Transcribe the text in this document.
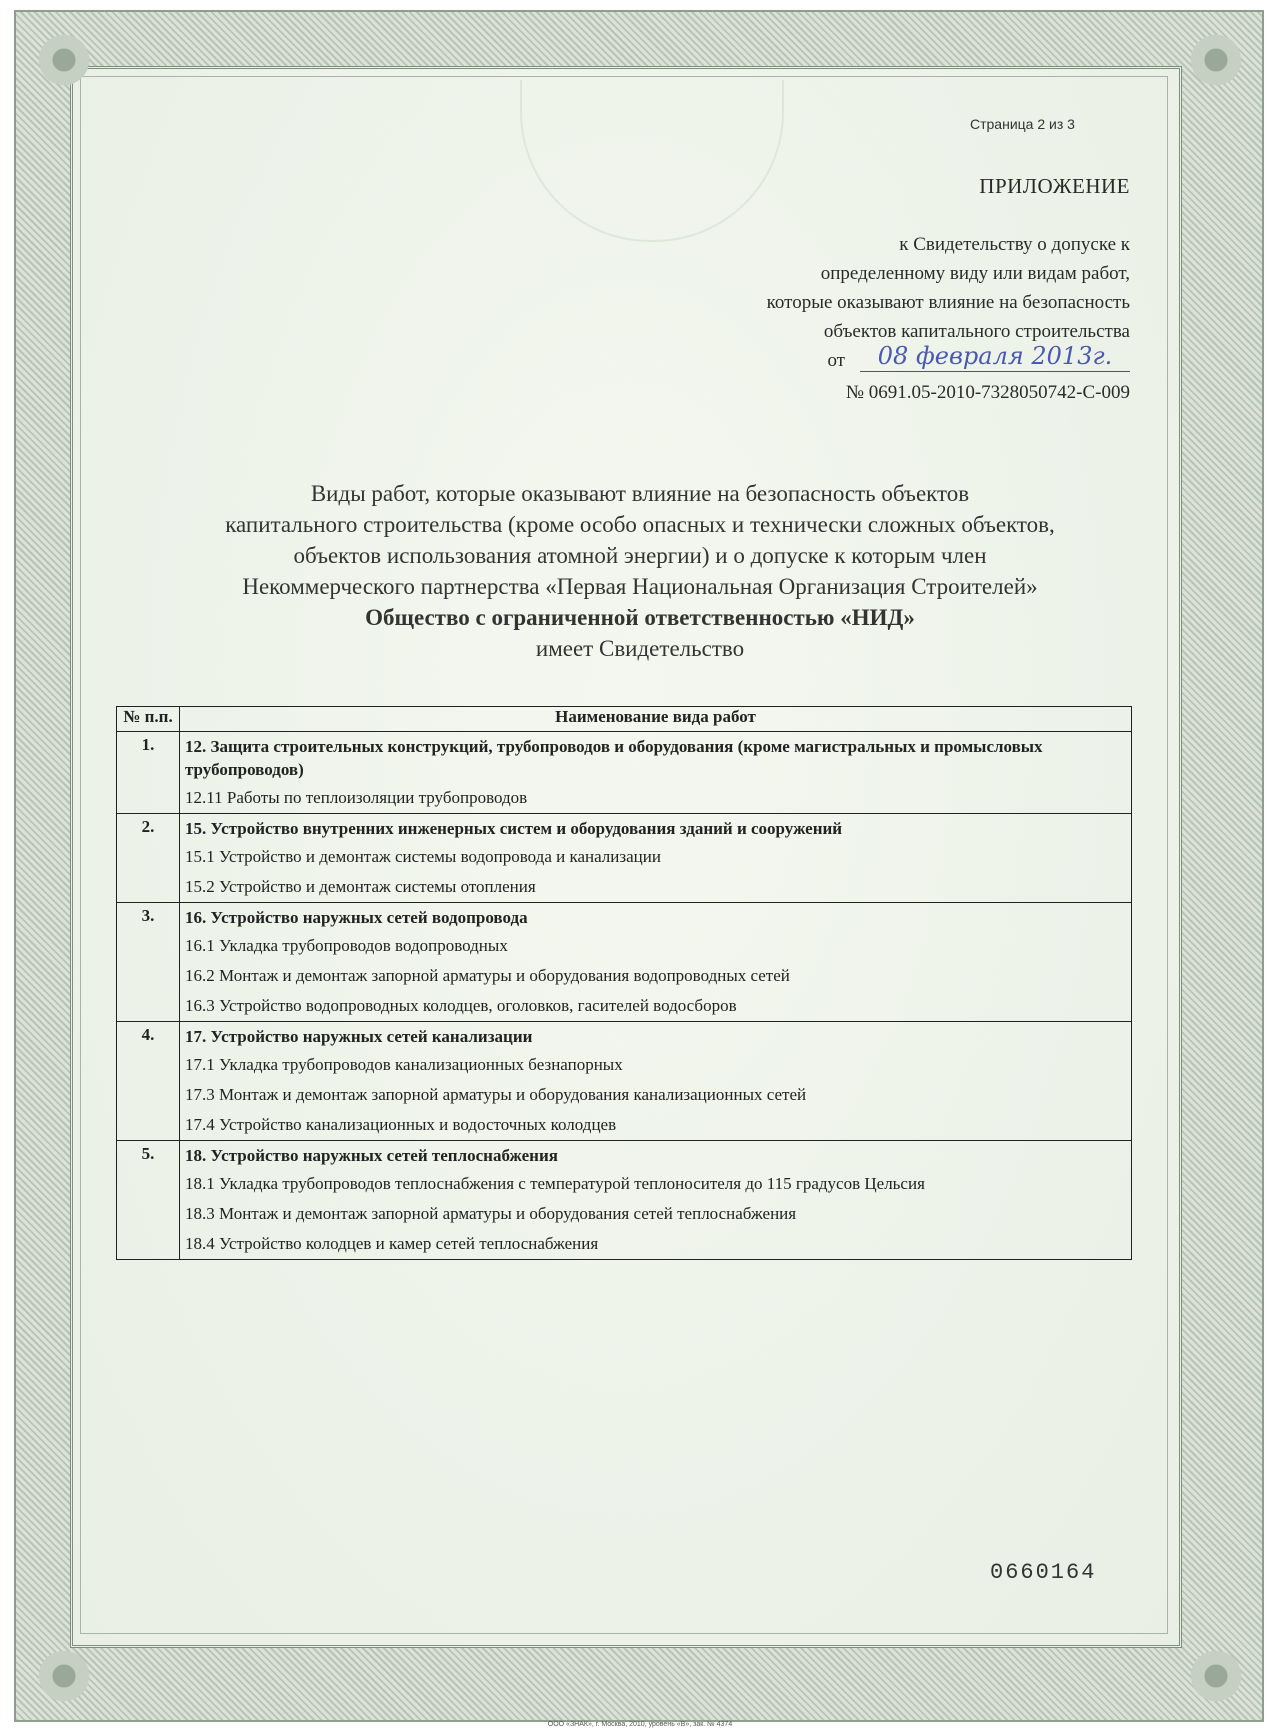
Страница 2 из 3
ПРИЛОЖЕНИЕ
к Свидетельству о допуске к
определенному виду или видам работ,
которые оказывают влияние на безопасность
объектов капитального строительства
от	08 февраля 2013г.
№ 0691.05-2010-7328050742-С-009
Виды работ, которые оказывают влияние на безопасность объектов
капитального строительства (кроме особо опасных и технически сложных объектов,
объектов использования атомной энергии) и о допуске к которым член
Некоммерческого партнерства «Первая Национальная Организация Строителей»
Общество с ограниченной ответственностью «НИД»
имеет Свидетельство
№ п.п.	Наименование вида работ
1.	12. Защита строительных конструкций, трубопроводов и оборудования (кроме магистральных и промысловых трубопроводов)
12.11 Работы по теплоизоляции трубопроводов

2.	15. Устройство внутренних инженерных систем и оборудования зданий и сооружений
15.1 Устройство и демонтаж системы водопровода и канализации
15.2 Устройство и демонтаж системы отопления

3.	16. Устройство наружных сетей водопровода
16.1 Укладка трубопроводов водопроводных
16.2 Монтаж и демонтаж запорной арматуры и оборудования водопроводных сетей
16.3 Устройство водопроводных колодцев, оголовков, гасителей водосборов

4.	17. Устройство наружных сетей канализации
17.1 Укладка трубопроводов канализационных безнапорных
17.3 Монтаж и демонтаж запорной арматуры и оборудования канализационных сетей
17.4 Устройство канализационных и водосточных колодцев

5.	18. Устройство наружных сетей теплоснабжения
18.1 Укладка трубопроводов теплоснабжения с температурой теплоносителя до 115 градусов Цельсия
18.3 Монтаж и демонтаж запорной арматуры и оборудования сетей теплоснабжения
18.4 Устройство колодцев и камер сетей теплоснабжения
0660164
ООО «ЗНАК», г. Москва, 2010, уровень «В», зак. № 4374
